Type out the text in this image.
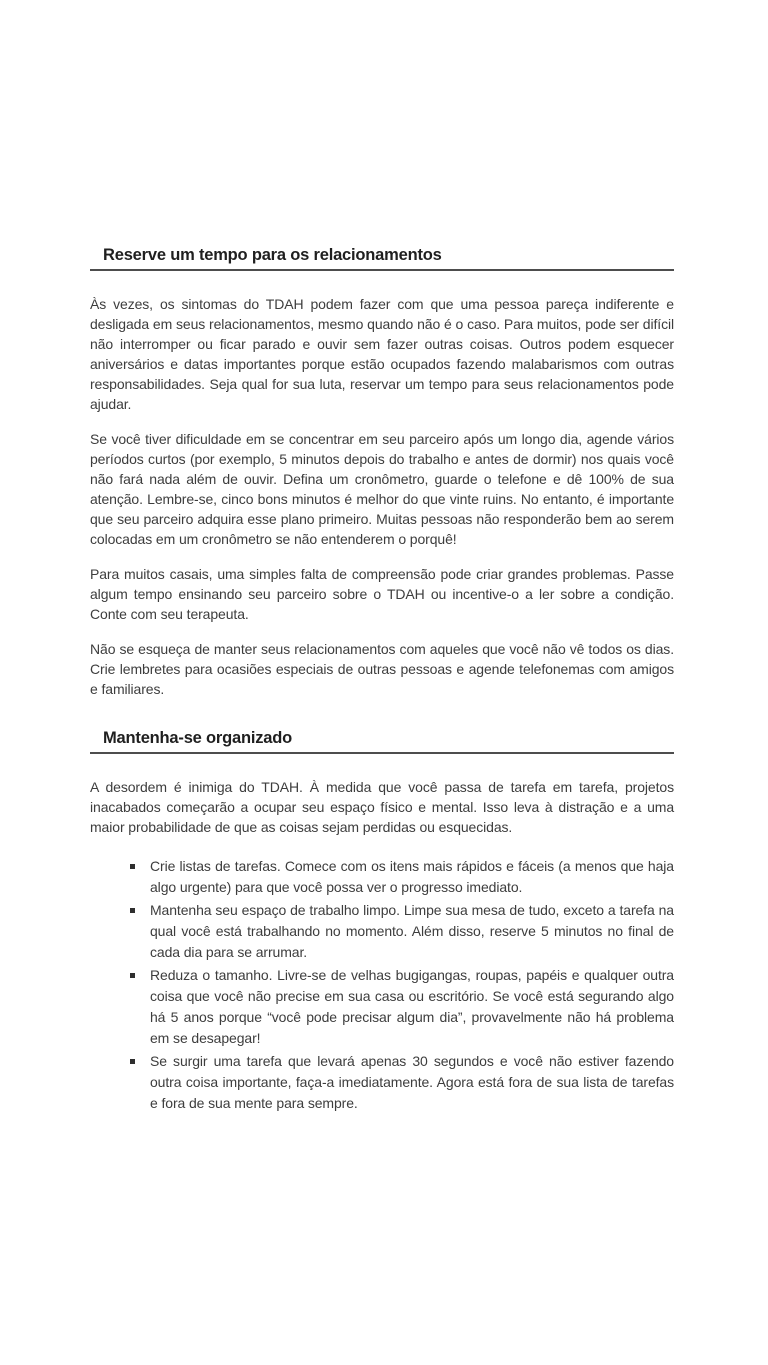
Reserve um tempo para os relacionamentos

Às vezes, os sintomas do TDAH podem fazer com que uma pessoa pareça indiferente e desligada em seus relacionamentos, mesmo quando não é o caso. Para muitos, pode ser difícil não interromper ou ficar parado e ouvir sem fazer outras coisas. Outros podem esquecer aniversários e datas importantes porque estão ocupados fazendo malabarismos com outras responsabilidades. Seja qual for sua luta, reservar um tempo para seus relacionamentos pode ajudar.

Se você tiver dificuldade em se concentrar em seu parceiro após um longo dia, agende vários períodos curtos (por exemplo, 5 minutos depois do trabalho e antes de dormir) nos quais você não fará nada além de ouvir. Defina um cronômetro, guarde o telefone e dê 100% de sua atenção. Lembre-se, cinco bons minutos é melhor do que vinte ruins. No entanto, é importante que seu parceiro adquira esse plano primeiro. Muitas pessoas não responderão bem ao serem colocadas em um cronômetro se não entenderem o porquê!

Para muitos casais, uma simples falta de compreensão pode criar grandes problemas. Passe algum tempo ensinando seu parceiro sobre o TDAH ou incentive-o a ler sobre a condição. Conte com seu terapeuta.

Não se esqueça de manter seus relacionamentos com aqueles que você não vê todos os dias. Crie lembretes para ocasiões especiais de outras pessoas e agende telefonemas com amigos e familiares.

Mantenha-se organizado

A desordem é inimiga do TDAH. À medida que você passa de tarefa em tarefa, projetos inacabados começarão a ocupar seu espaço físico e mental. Isso leva à distração e a uma maior probabilidade de que as coisas sejam perdidas ou esquecidas.

Crie listas de tarefas. Comece com os itens mais rápidos e fáceis (a menos que haja algo urgente) para que você possa ver o progresso imediato.
Mantenha seu espaço de trabalho limpo. Limpe sua mesa de tudo, exceto a tarefa na qual você está trabalhando no momento. Além disso, reserve 5 minutos no final de cada dia para se arrumar.
Reduza o tamanho. Livre-se de velhas bugigangas, roupas, papéis e qualquer outra coisa que você não precise em sua casa ou escritório. Se você está segurando algo há 5 anos porque “você pode precisar algum dia”, provavelmente não há problema em se desapegar!
Se surgir uma tarefa que levará apenas 30 segundos e você não estiver fazendo outra coisa importante, faça-a imediatamente. Agora está fora de sua lista de tarefas e fora de sua mente para sempre.
